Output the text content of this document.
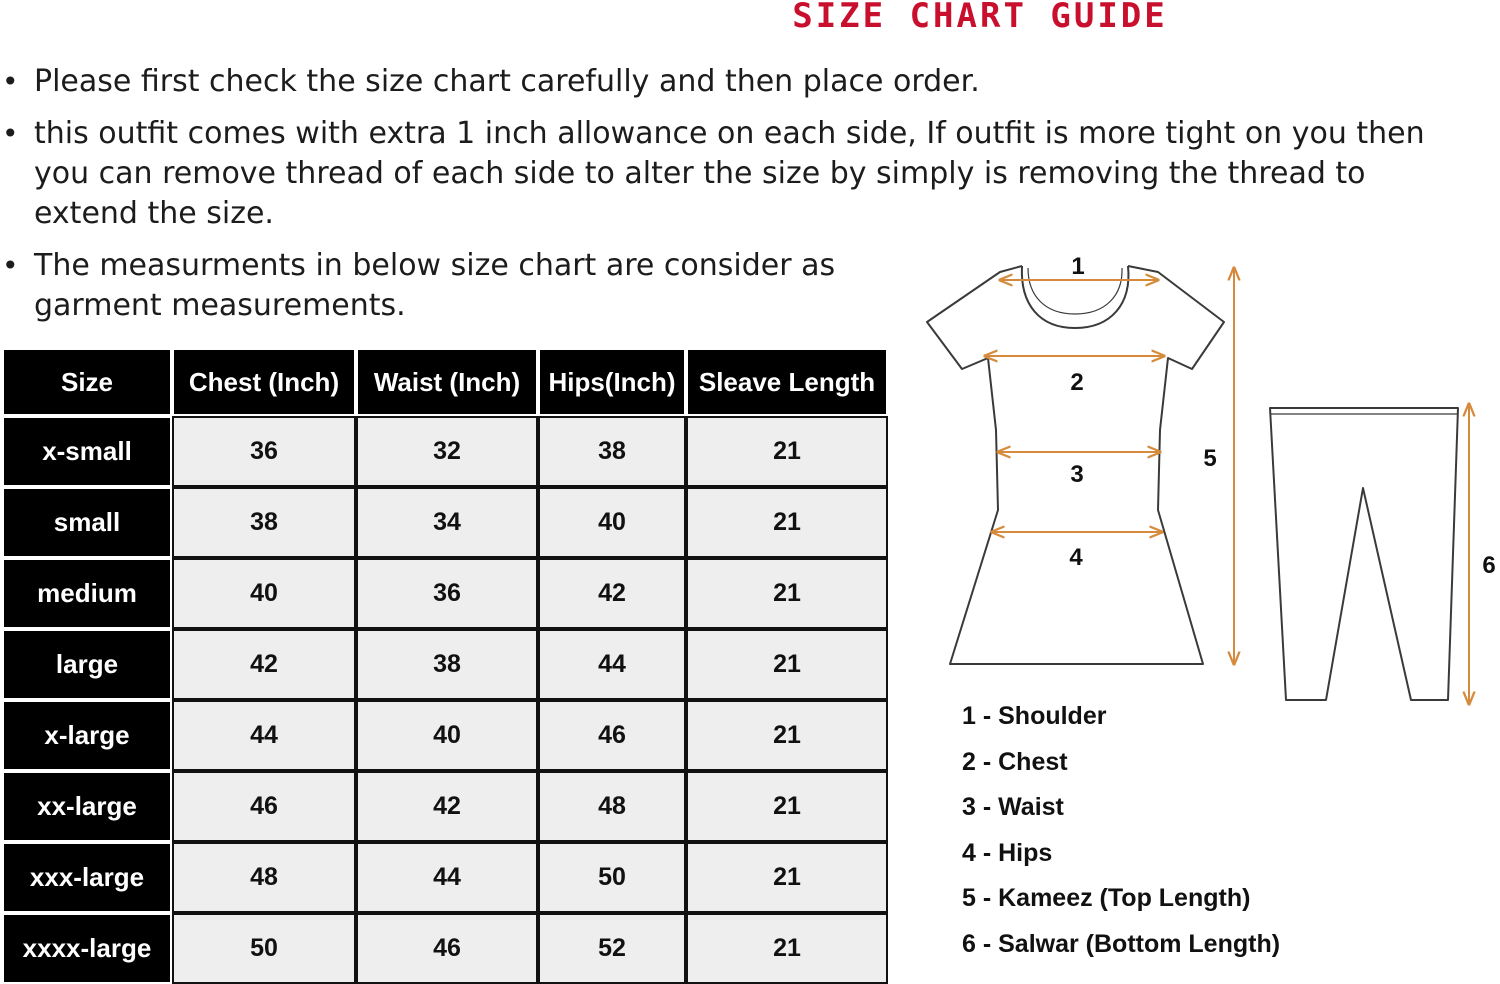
SIZE CHART GUIDE
• Please first check the size chart carefully and then place order.
• this outfit comes with extra 1 inch allowance on each side, If outfit is more tight on you then you can remove thread of each side to alter the size by simply is removing the thread to extend the size.
• The measurments in below size chart are consider as garment measurements.
Size	Chest (Inch)	Waist (Inch)	Hips(Inch)	Sleave Length
x-small	36	32	38	21
small	38	34	40	21
medium	40	36	42	21
large	42	38	44	21
x-large	44	40	46	21
xx-large	46	42	48	21
xxx-large	48	44	50	21
xxxx-large	50	46	52	21
1
2
3
4
5
6
1 - Shoulder
2 - Chest
3 - Waist
4 - Hips
5 - Kameez (Top Length)
6 - Salwar (Bottom Length)
